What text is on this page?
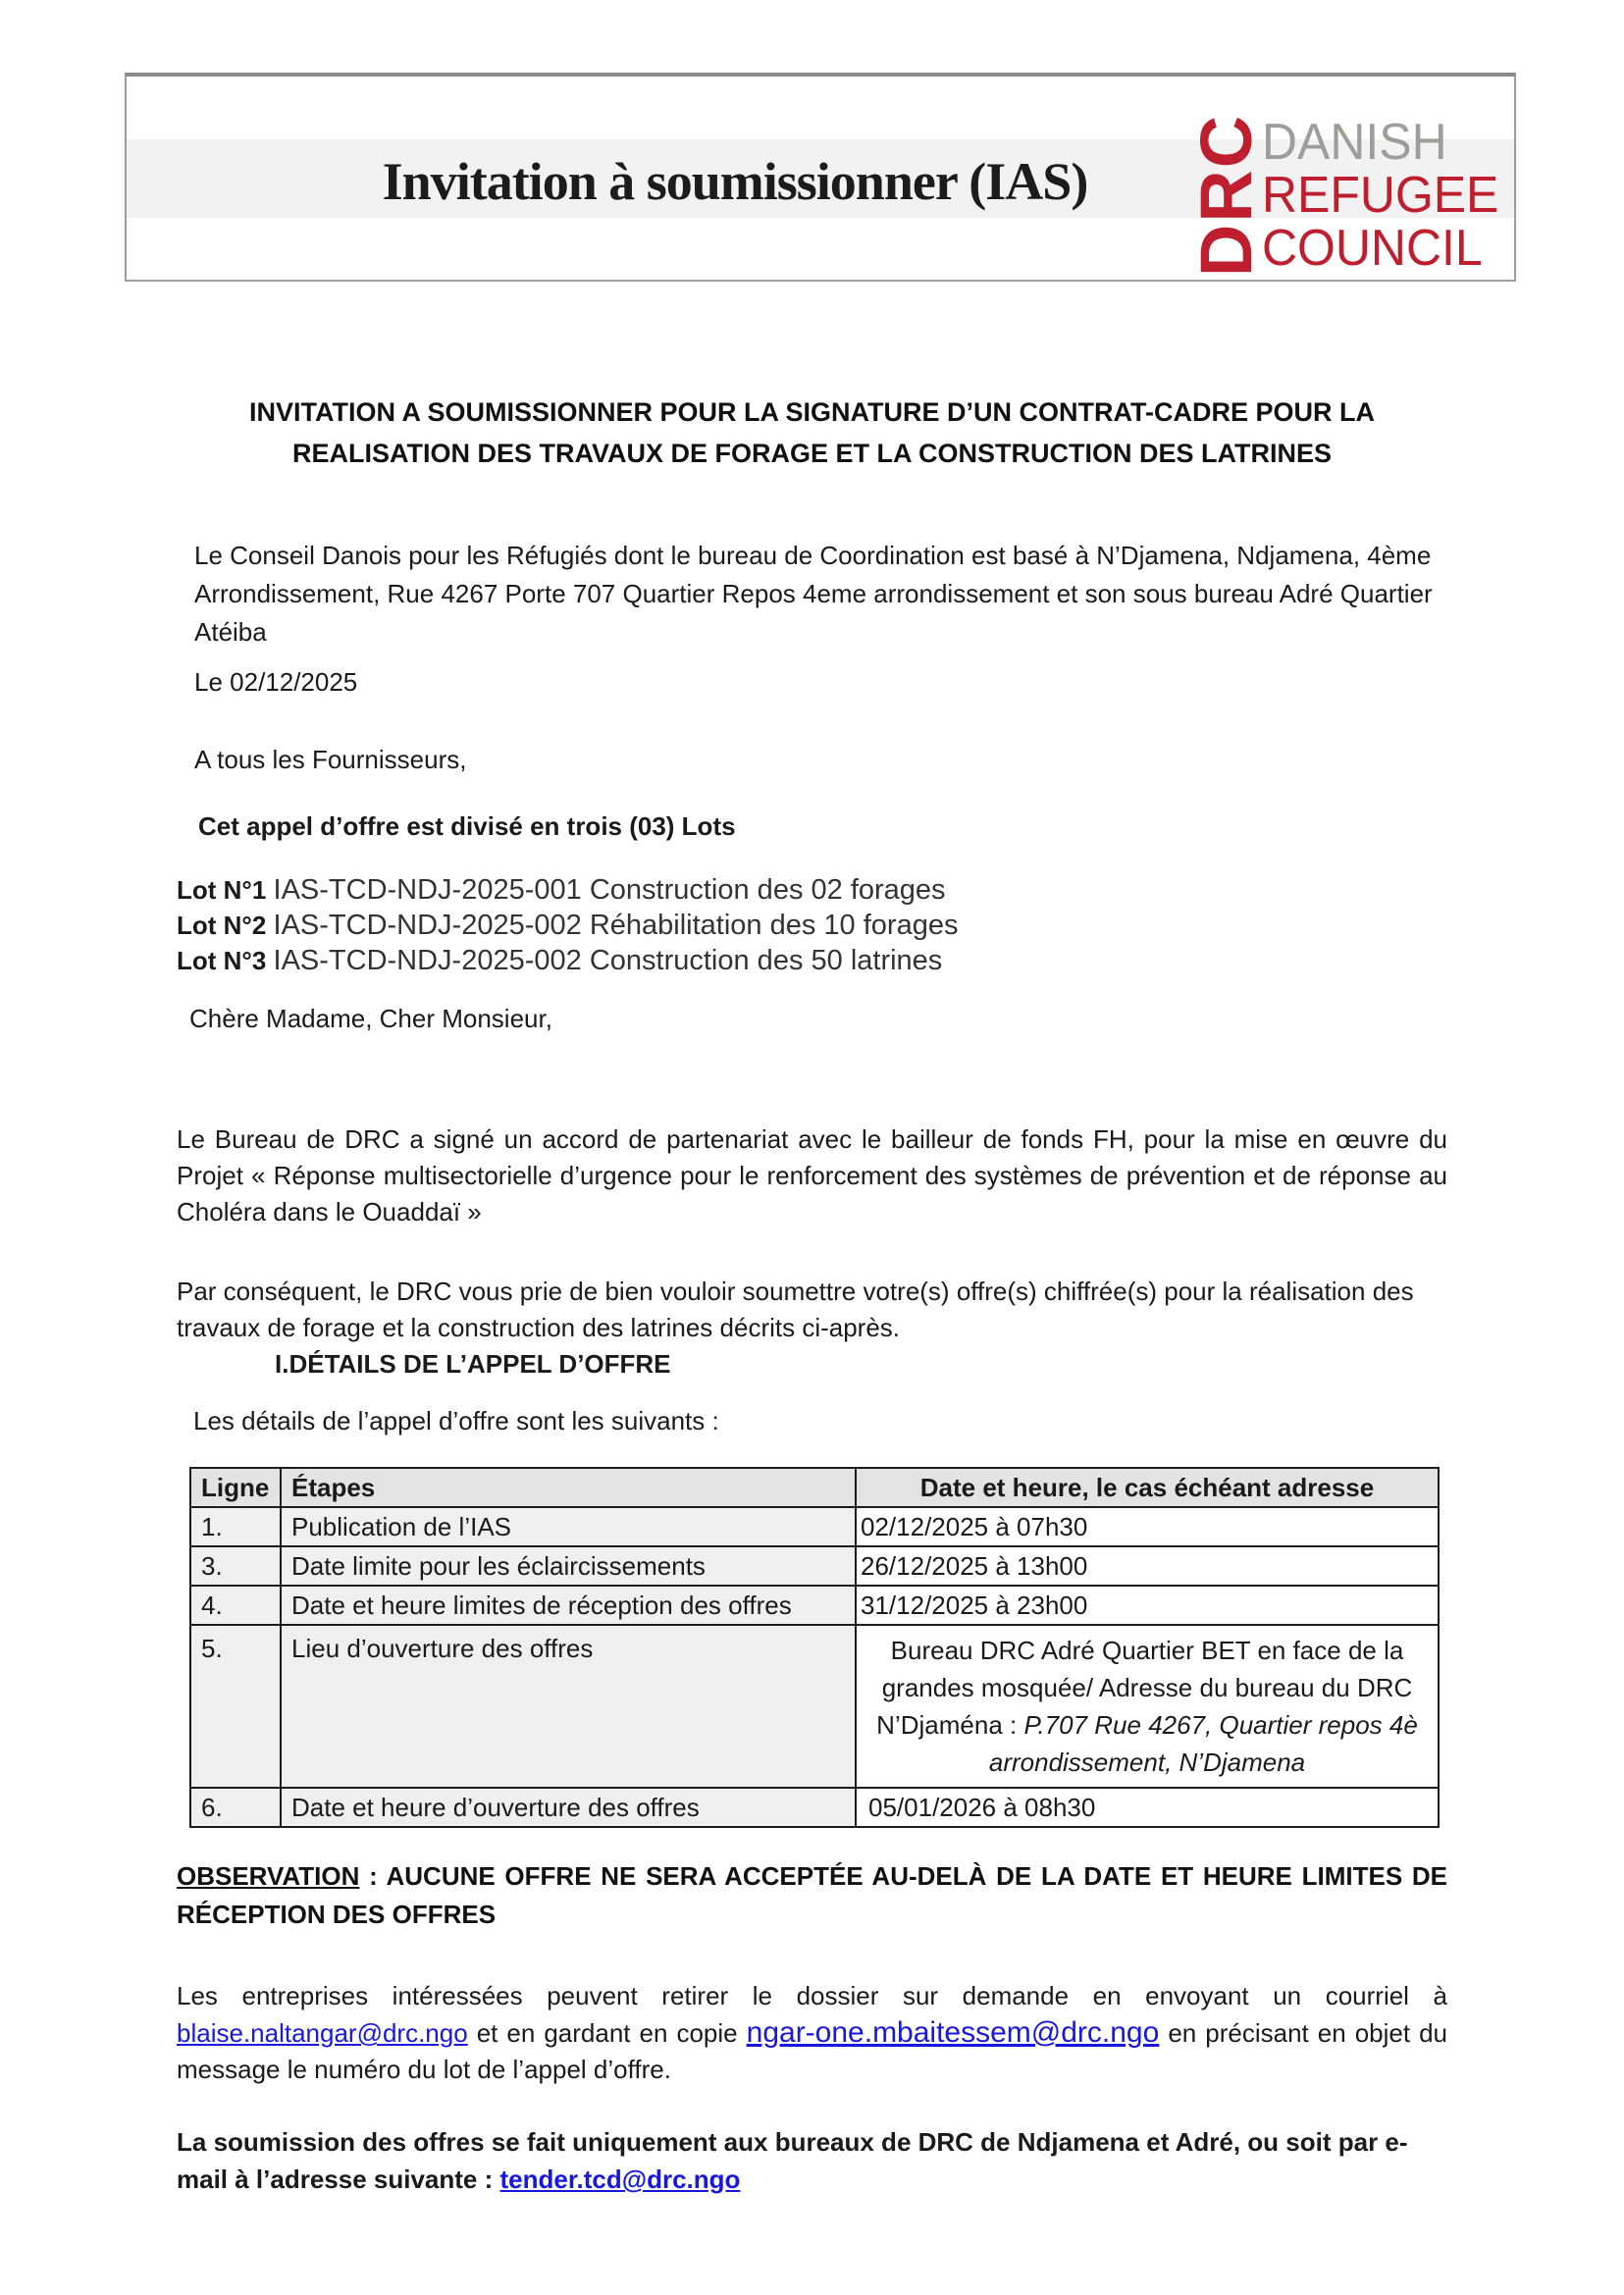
Invitation à soumissionner (IAS)	DRC
DANISH
REFUGEE
COUNCIL
INVITATION A SOUMISSIONNER POUR LA SIGNATURE D’UN CONTRAT-CADRE POUR LA
REALISATION DES TRAVAUX DE FORAGE ET LA CONSTRUCTION DES LATRINES

Le Conseil Danois pour les Réfugiés dont le bureau de Coordination est basé à N’Djamena, Ndjamena, 4ème Arrondissement, Rue 4267 Porte 707 Quartier Repos 4eme arrondissement et son sous bureau Adré Quartier Atéiba

Le 02/12/2025

A tous les Fournisseurs,

Cet appel d’offre est divisé en trois (03) Lots

Lot N°1 IAS-TCD-NDJ-2025-001 Construction des 02 forages
Lot N°2 IAS-TCD-NDJ-2025-002 Réhabilitation des 10 forages
Lot N°3 IAS-TCD-NDJ-2025-002 Construction des 50 latrines

Chère Madame, Cher Monsieur,

Le Bureau de DRC a signé un accord de partenariat avec le bailleur de fonds FH, pour la mise en œuvre du Projet « Réponse multisectorielle d’urgence pour le renforcement des systèmes de prévention et de réponse au Choléra dans le Ouaddaï »

Par conséquent, le DRC vous prie de bien vouloir soumettre votre(s) offre(s) chiffrée(s) pour la réalisation des travaux de forage et la construction des latrines décrits ci-après.

I.DÉTAILS DE L’APPEL D’OFFRE

Les détails de l’appel d’offre sont les suivants :

Ligne	Étapes	Date et heure, le cas échéant adresse
1.	Publication de l’IAS	02/12/2025 à 07h30
3.	Date limite pour les éclaircissements	26/12/2025 à 13h00
4.	Date et heure limites de réception des offres	31/12/2025 à 23h00
5.	Lieu d’ouverture des offres	Bureau DRC Adré Quartier BET en face de la grandes mosquée/ Adresse du bureau du DRC N’Djaména : P.707 Rue 4267, Quartier repos 4è arrondissement, N’Djamena
6.	Date et heure d’ouverture des offres	05/01/2026 à 08h30

OBSERVATION : AUCUNE OFFRE NE SERA ACCEPTÉE AU-DELÀ DE LA DATE ET HEURE LIMITES DE RÉCEPTION DES OFFRES

Les entreprises intéressées peuvent retirer le dossier sur demande en envoyant un courriel à blaise.naltangar@drc.ngo et en gardant en copie ngar-one.mbaitessem@drc.ngo en précisant en objet du message le numéro du lot de l’appel d’offre.

La soumission des offres se fait uniquement aux bureaux de DRC de Ndjamena et Adré, ou soit par e-mail à l’adresse suivante : tender.tcd@drc.ngo
